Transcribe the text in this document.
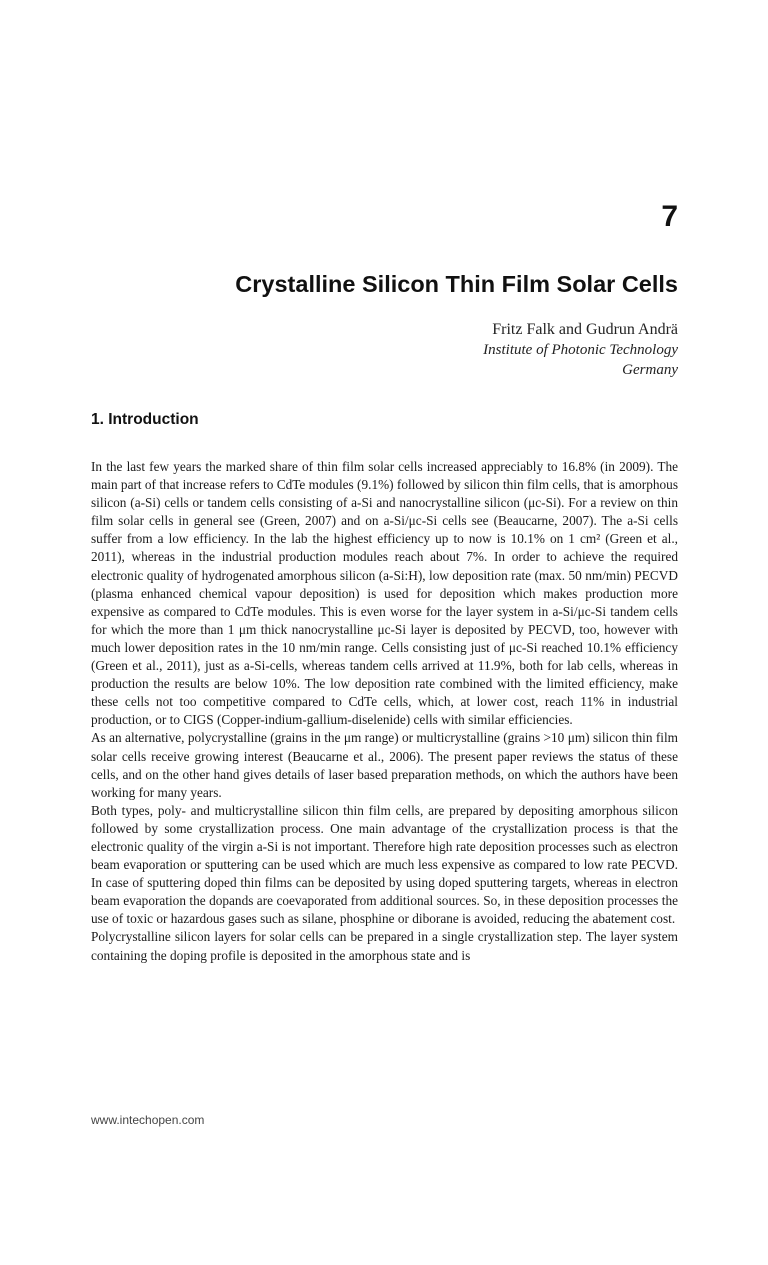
7
Crystalline Silicon Thin Film Solar Cells
Fritz Falk and Gudrun Andrä
Institute of Photonic Technology
Germany
1. Introduction

In the last few years the marked share of thin film solar cells increased appreciably to 16.8% (in 2009). The main part of that increase refers to CdTe modules (9.1%) followed by silicon thin film cells, that is amorphous silicon (a-Si) cells or tandem cells consisting of a-Si and nanocrystalline silicon (μc-Si). For a review on thin film solar cells in general see (Green, 2007) and on a-Si/μc-Si cells see (Beaucarne, 2007). The a-Si cells suffer from a low efficiency. In the lab the highest efficiency up to now is 10.1% on 1 cm² (Green et al., 2011), whereas in the industrial production modules reach about 7%. In order to achieve the required electronic quality of hydrogenated amorphous silicon (a-Si:H), low deposition rate (max. 50 nm/min) PECVD (plasma enhanced chemical vapour deposition) is used for deposition which makes production more expensive as compared to CdTe modules. This is even worse for the layer system in a-Si/μc-Si tandem cells for which the more than 1 μm thick nanocrystalline μc-Si layer is deposited by PECVD, too, however with much lower deposition rates in the 10 nm/min range. Cells consisting just of μc-Si reached 10.1% efficiency (Green et al., 2011), just as a-Si-cells, whereas tandem cells arrived at 11.9%, both for lab cells, whereas in production the results are below 10%. The low deposition rate combined with the limited efficiency, make these cells not too competitive compared to CdTe cells, which, at lower cost, reach 11% in industrial production, or to CIGS (Copper-indium-gallium-diselenide) cells with similar efficiencies.

As an alternative, polycrystalline (grains in the μm range) or multicrystalline (grains >10 μm) silicon thin film solar cells receive growing interest (Beaucarne et al., 2006). The present paper reviews the status of these cells, and on the other hand gives details of laser based preparation methods, on which the authors have been working for many years.

Both types, poly- and multicrystalline silicon thin film cells, are prepared by depositing amorphous silicon followed by some crystallization process. One main advantage of the crystallization process is that the electronic quality of the virgin a-Si is not important. Therefore high rate deposition processes such as electron beam evaporation or sputtering can be used which are much less expensive as compared to low rate PECVD. In case of sputtering doped thin films can be deposited by using doped sputtering targets, whereas in electron beam evaporation the dopands are coevaporated from additional sources. So, in these deposition processes the use of toxic or hazardous gases such as silane, phosphine or diborane is avoided, reducing the abatement cost.

Polycrystalline silicon layers for solar cells can be prepared in a single crystallization step. The layer system containing the doping profile is deposited in the amorphous state and is

www.intechopen.com
